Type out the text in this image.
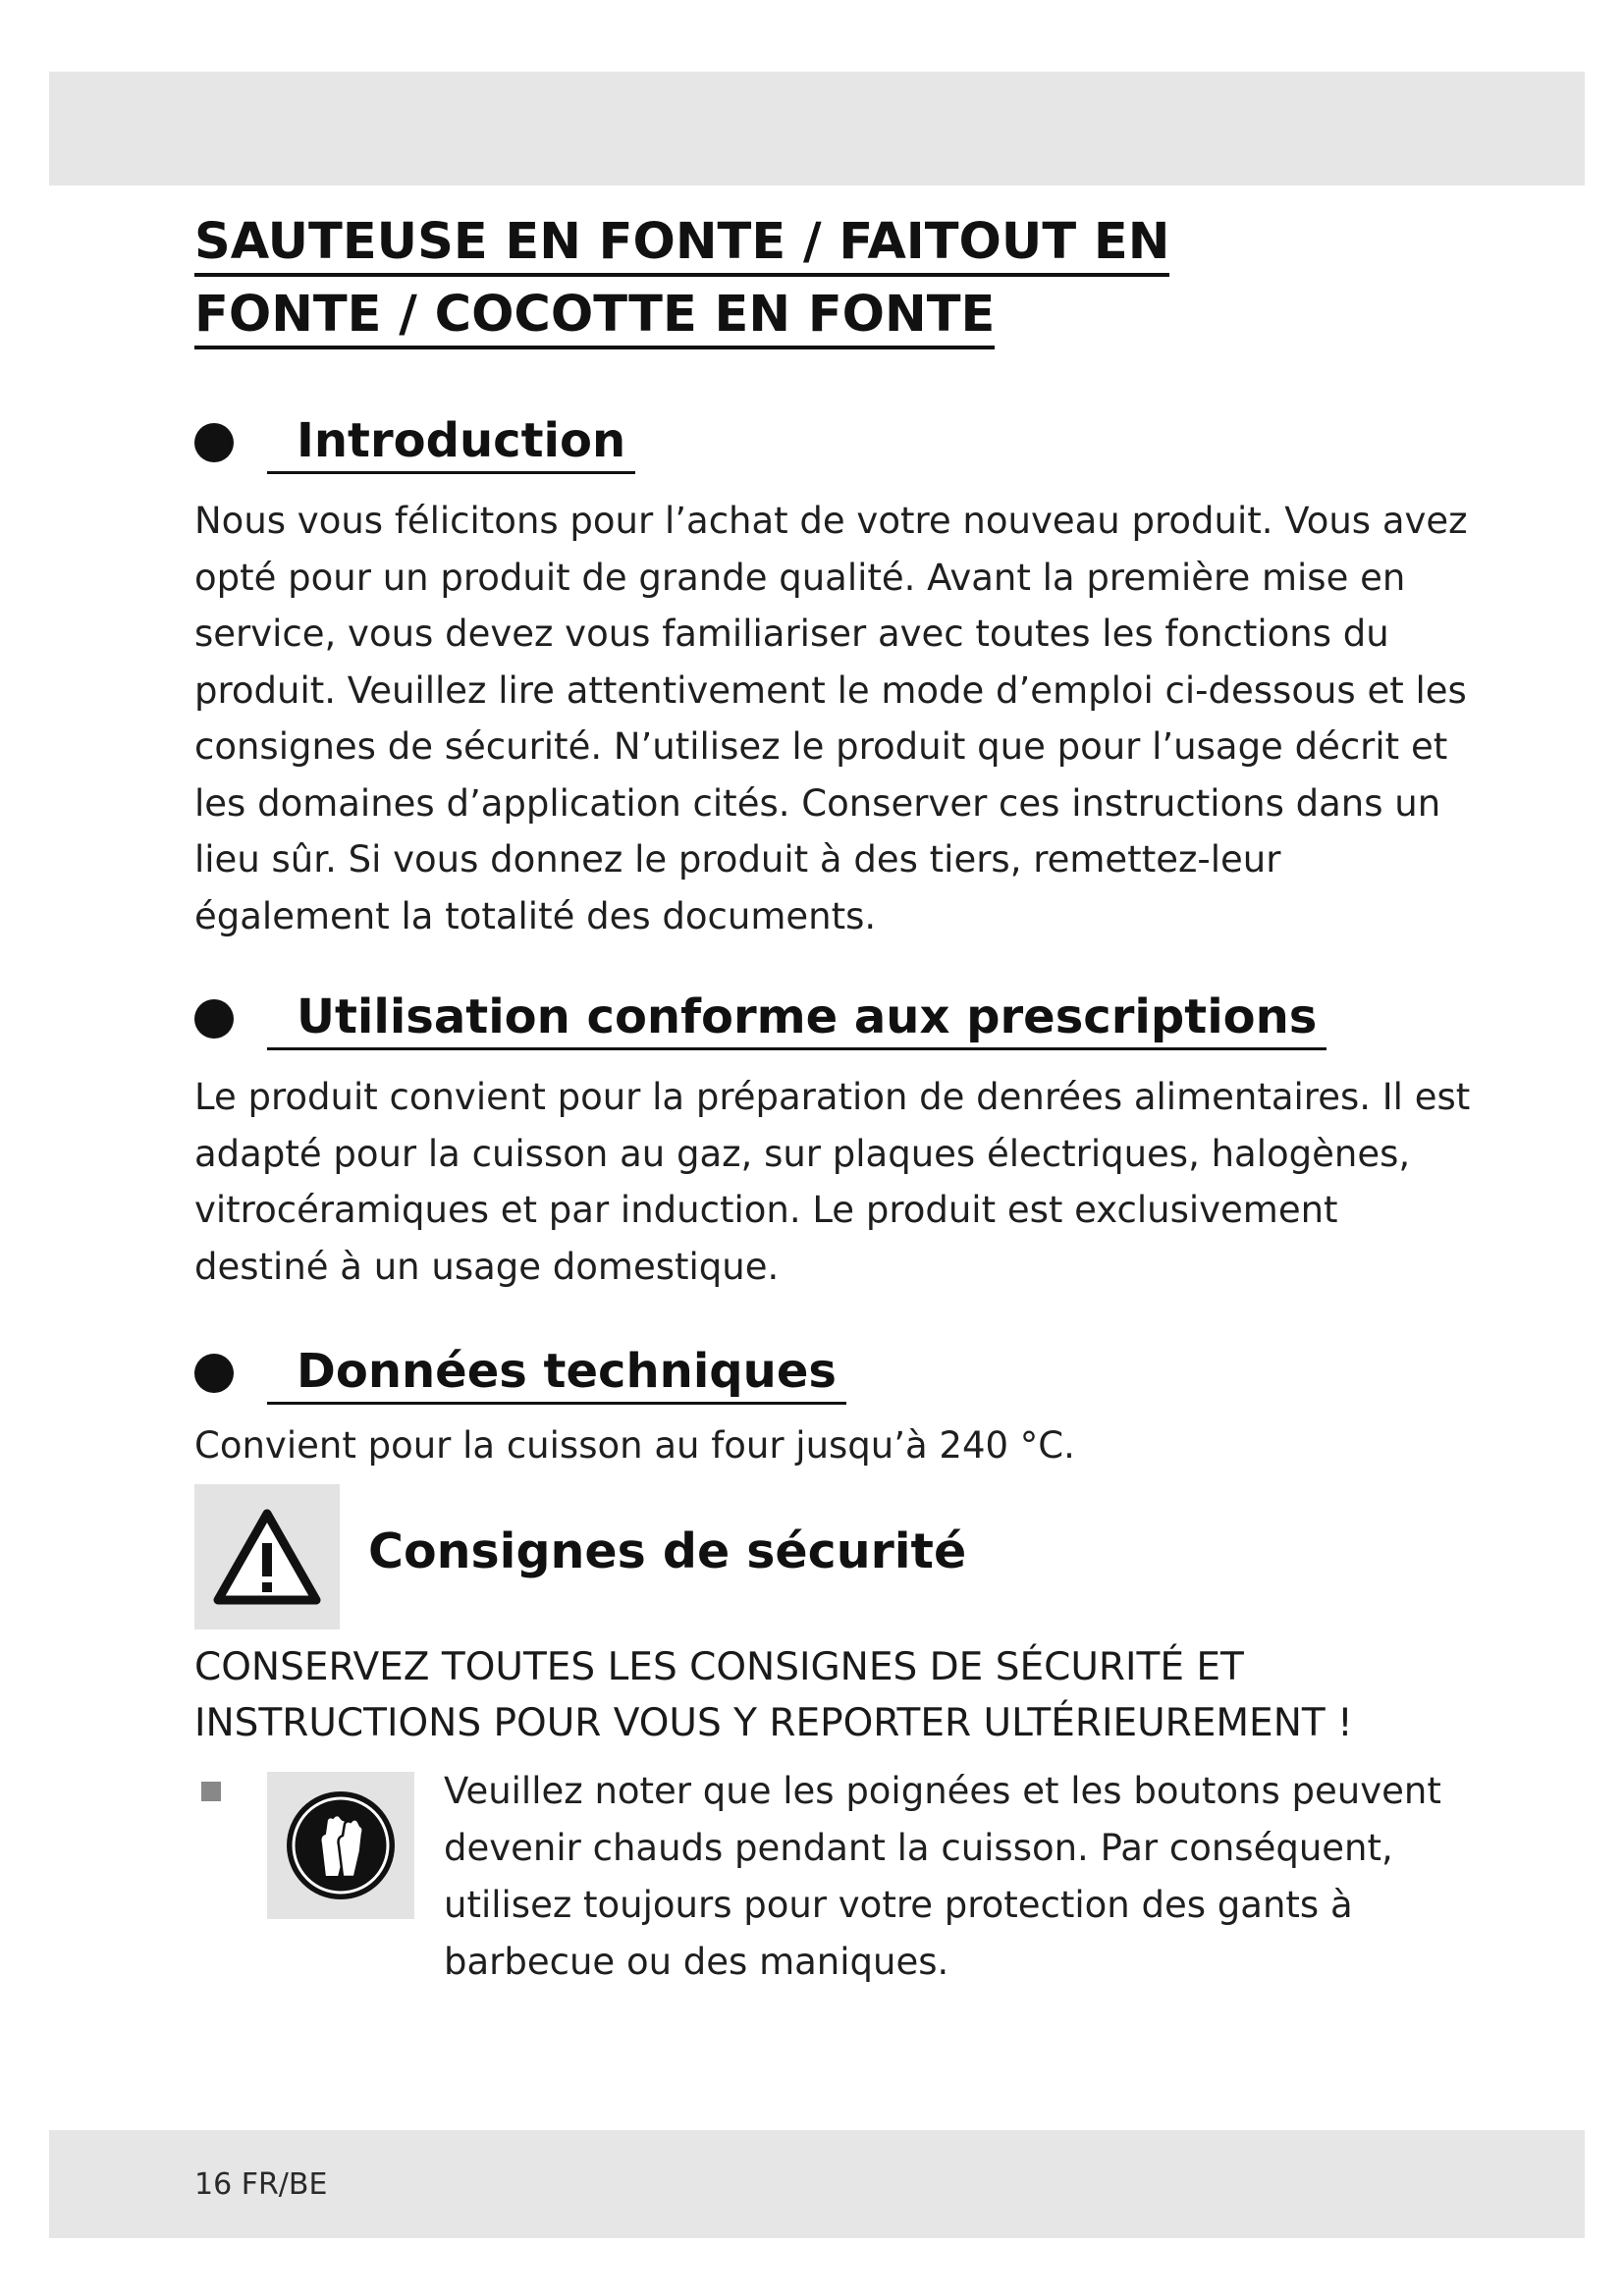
SAUTEUSE EN FONTE / FAITOUT EN
FONTE / COCOTTE EN FONTE
Introduction

Nous vous félicitons pour l’achat de votre nouveau produit. Vous avez opté pour un produit de grande qualité. Avant la première mise en service, vous devez vous familiariser avec toutes les fonctions du produit. Veuillez lire attentivement le mode d’emploi ci-dessous et les consignes de sécurité. N’utilisez le produit que pour l’usage décrit et les domaines d’application cités. Conserver ces instructions dans un lieu sûr. Si vous donnez le produit à des tiers, remettez-leur également la totalité des documents.

Utilisation conforme aux prescriptions

Le produit convient pour la préparation de denrées alimentaires. Il est adapté pour la cuisson au gaz, sur plaques électriques, halogènes, vitrocéramiques et par induction. Le produit est exclusivement destiné à un usage domestique.

Données techniques

Convient pour la cuisson au four jusqu’à 240 °C.

Consignes de sécurité

CONSERVEZ TOUTES LES CONSIGNES DE SÉCURITÉ ET
INSTRUCTIONS POUR VOUS Y REPORTER ULTÉRIEUREMENT !

Veuillez noter que les poignées et les boutons peuvent devenir chauds pendant la cuisson. Par conséquent, utilisez toujours pour votre protection des gants à barbecue ou des maniques.

16 FR/BE
